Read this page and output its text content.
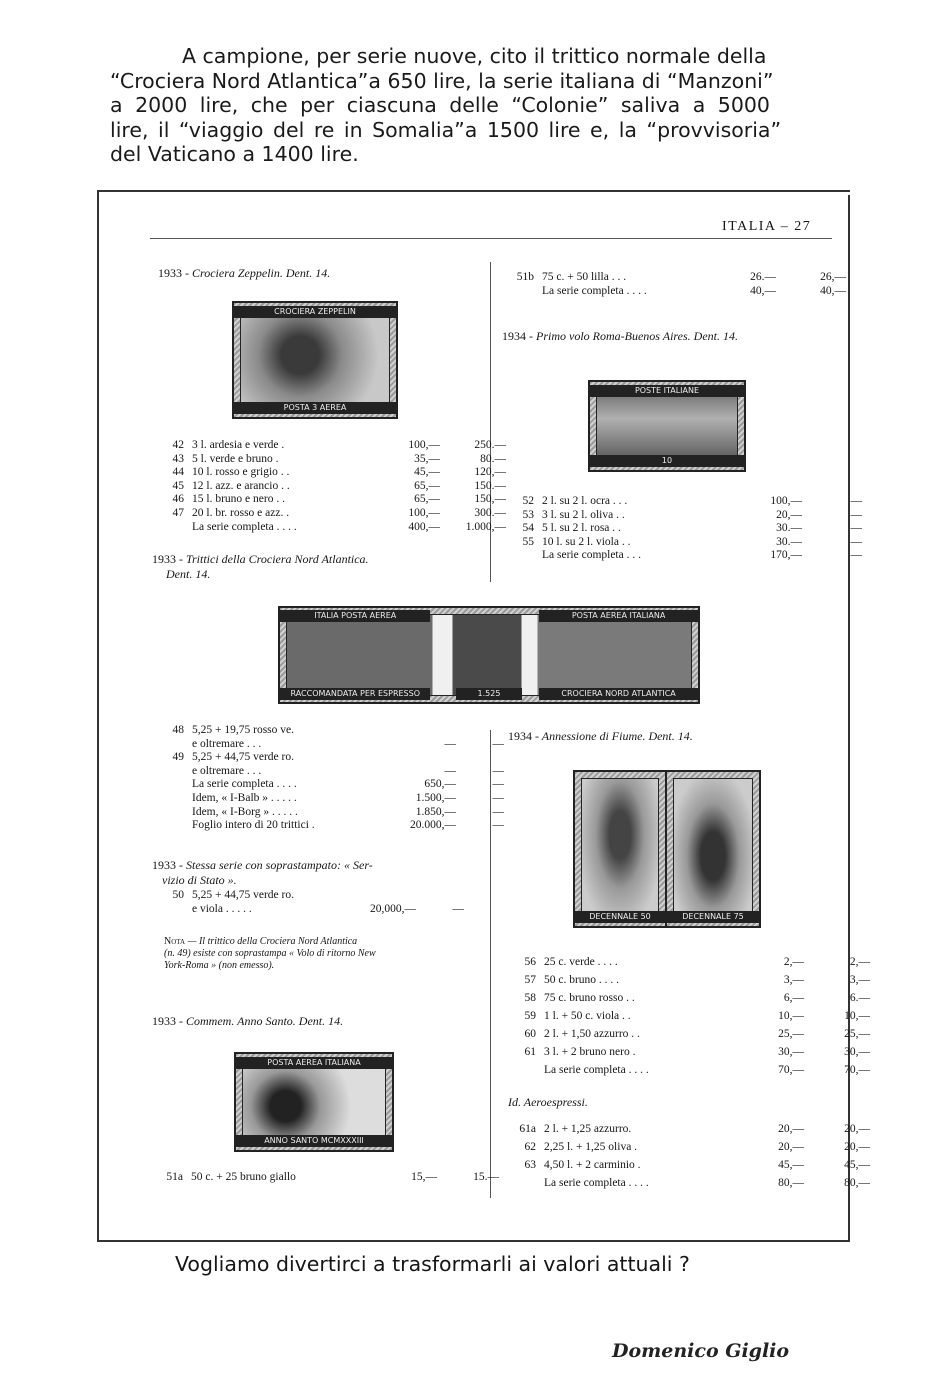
A campione, per serie nuove, cito il trittico normale della
“Crociera Nord Atlantica”a 650 lire, la serie italiana di “Manzoni”
a 2000 lire, che per ciascuna delle “Colonie” saliva a 5000
lire, il “viaggio del re in Somalia”a 1500 lire e, la “provvisoria”
del Vaticano a 1400 lire.
ITALIA – 27
1933 - Crociera Zeppelin. Dent. 14.
CROCIERA ZEPPELIN
POSTA 3 AEREA
42	3 l. ardesia e verde .	100,—	250.—
43	5 l. verde e bruno .	35,—	80.—
44	10 l. rosso e grigio . .	45,—	120,—
45	12 l. azz. e arancio . .	65,—	150.—
46	15 l. bruno e nero . .	65,—	150,—
47	20 l. br. rosso e azz. .	100,—	300.—
	La serie completa . . . .	400,—	1.000,—
1933 - Trittici della Crociera Nord Atlantica.
Dent. 14.
ITALIA POSTA AEREA
RACCOMANDATA PER ESPRESSO	1.525
POSTA AEREA ITALIANA
CROCIERA NORD ATLANTICA
48	5,25 + 19,75 rosso ve.		
	e oltremare . . .	—	—
49	5,25 + 44,75 verde ro.		
	e oltremare . . .	—	—
	La serie completa . . . .	650,—	—
	Idem, « I-Balb » . . . . .	1.500,—	—
	Idem, « I-Borg » . . . . .	1.850,—	—
	Foglio intero di 20 trittici .	20.000,—	—
1933 - Stessa serie con soprastampato: « Ser-
vizio di Stato ».
50	5,25 + 44,75 verde ro.		
	e viola . . . . .	20,000,—	—
Nota — Il trittico della Crociera Nord Atlantica
(n. 49) esiste con soprastampa « Volo di ritorno New
York-Roma » (non emesso).
1933 - Commem. Anno Santo. Dent. 14.
POSTA AEREA ITALIANA
ANNO SANTO MCMXXXIII
51a	50 c. + 25 bruno giallo	15,—	15.—
51b	75 c. + 50 lilla . . .	26.—	26,—
	La serie completa . . . .	40,—	40,—
1934 - Primo volo Roma-Buenos Aires. Dent. 14.
POSTE ITALIANE
10
52	2 l. su 2 l. ocra . . .	100,—	—
53	3 l. su 2 l. oliva . .	20,—	—
54	5 l. su 2 l. rosa . .	30.—	—
55	10 l. su 2 l. viola . .	30.—	—
	La serie completa . . .	170,—	—
1934 - Annessione di Fiume. Dent. 14.
DECENNALE 50	DECENNALE 75
56	25 c. verde . . . .	2,—	2,—
57	50 c. bruno . . . .	3,—	3,—
58	75 c. bruno rosso . .	6,—	6.—
59	1 l. + 50 c. viola . .	10,—	10,—
60	2 l. + 1,50 azzurro . .	25,—	25,—
61	3 l. + 2 bruno nero .	30,—	30,—
	La serie completa . . . .	70,—	70,—
Id. Aeroespressi.
61a	2 l. + 1,25 azzurro.	20,—	20,—
62	2,25 l. + 1,25 oliva .	20,—	20,—
63	4,50 l. + 2 carminio .	45,—	45,—
	La serie completa . . . .	80,—	80,—
Vogliamo divertirci a trasformarli ai valori attuali ?
Domenico Giglio
